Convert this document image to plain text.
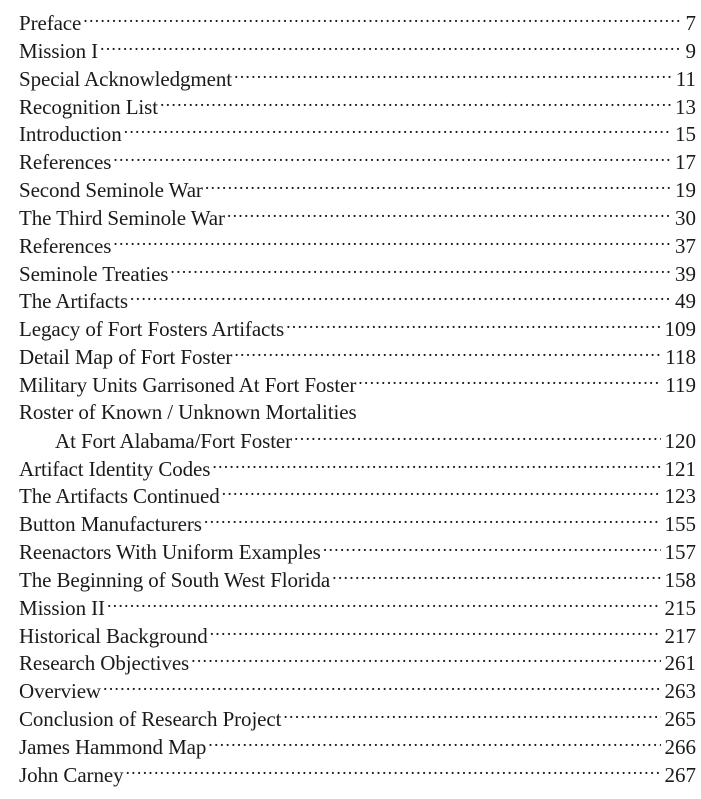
Preface .....	7
Mission I .....	9
Special Acknowledgment .....	11
Recognition List .....	13
Introduction .....	15
References .....	17
Second Seminole War .....	19
The Third Seminole War .....	30
References .....	37
Seminole Treaties .....	39
The Artifacts .....	49
Legacy of Fort Fosters Artifacts .....	109
Detail Map of Fort Foster .....	118
Military Units Garrisoned At Fort Foster .....	119
Roster of Known / Unknown Mortalities
At Fort Alabama/Fort Foster .....	120
Artifact Identity Codes .....	121
The Artifacts Continued .....	123
Button Manufacturers .....	155
Reenactors With Uniform Examples .....	157
The Beginning of South West Florida .....	158
Mission II .....	215
Historical Background .....	217
Research Objectives .....	261
Overview .....	263
Conclusion of Research Project .....	265
James Hammond Map .....	266
John Carney .....	267
